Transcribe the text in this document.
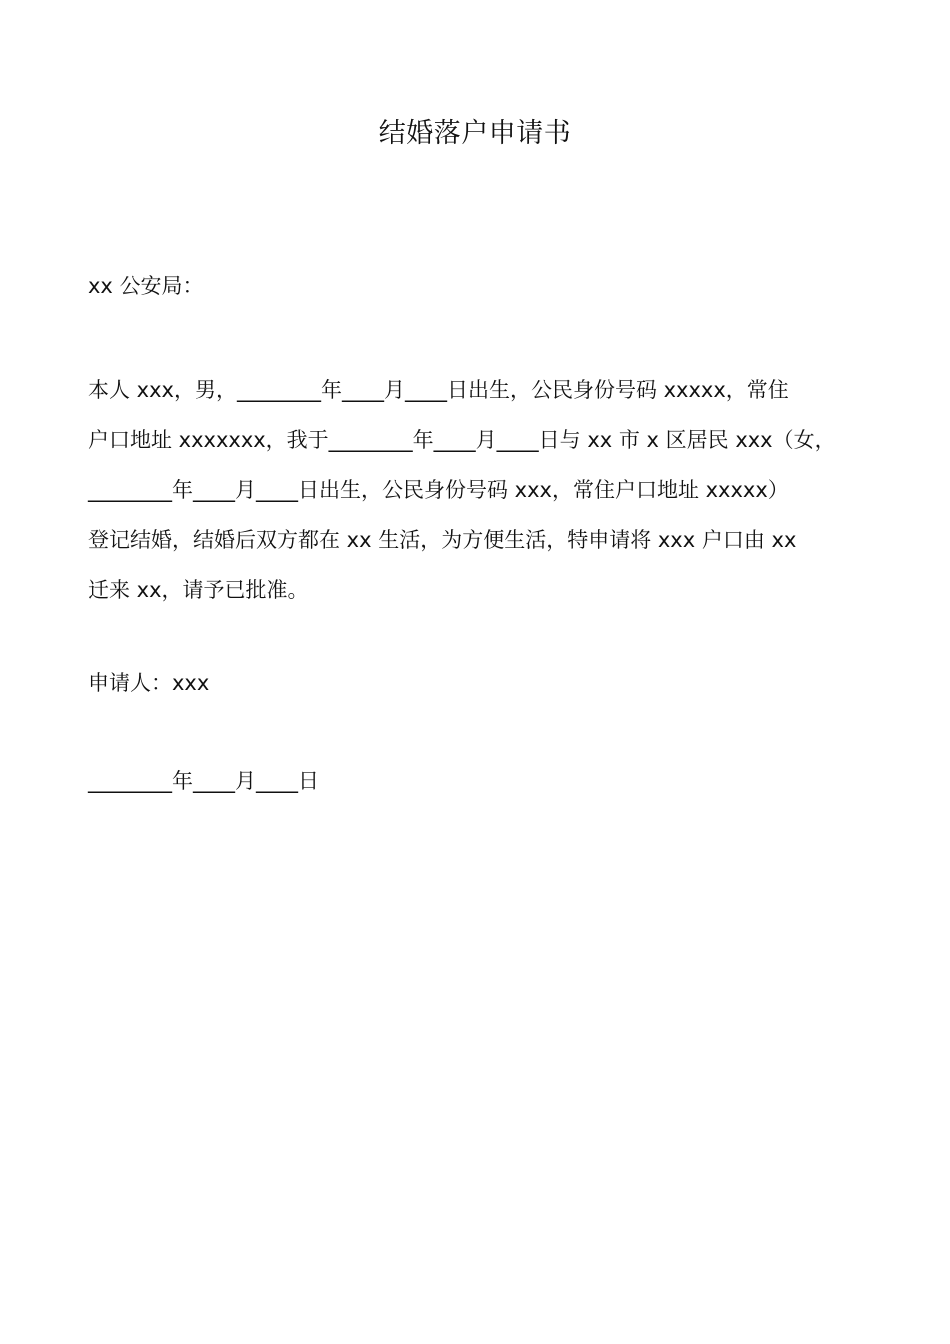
结婚落户申请书

xx 公安局：

本人 xxx，男，________年____月____日出生，公民身份号码 xxxxx，常住
户口地址 xxxxxxx，我于________年____月____日与 xx 市 x 区居民 xxx（女，
________年____月____日出生，公民身份号码 xxx，常住户口地址 xxxxx）
登记结婚，结婚后双方都在 xx 生活，为方便生活，特申请将 xxx 户口由 xx
迁来 xx，请予已批准。

申请人：xxx

________年____月____日
